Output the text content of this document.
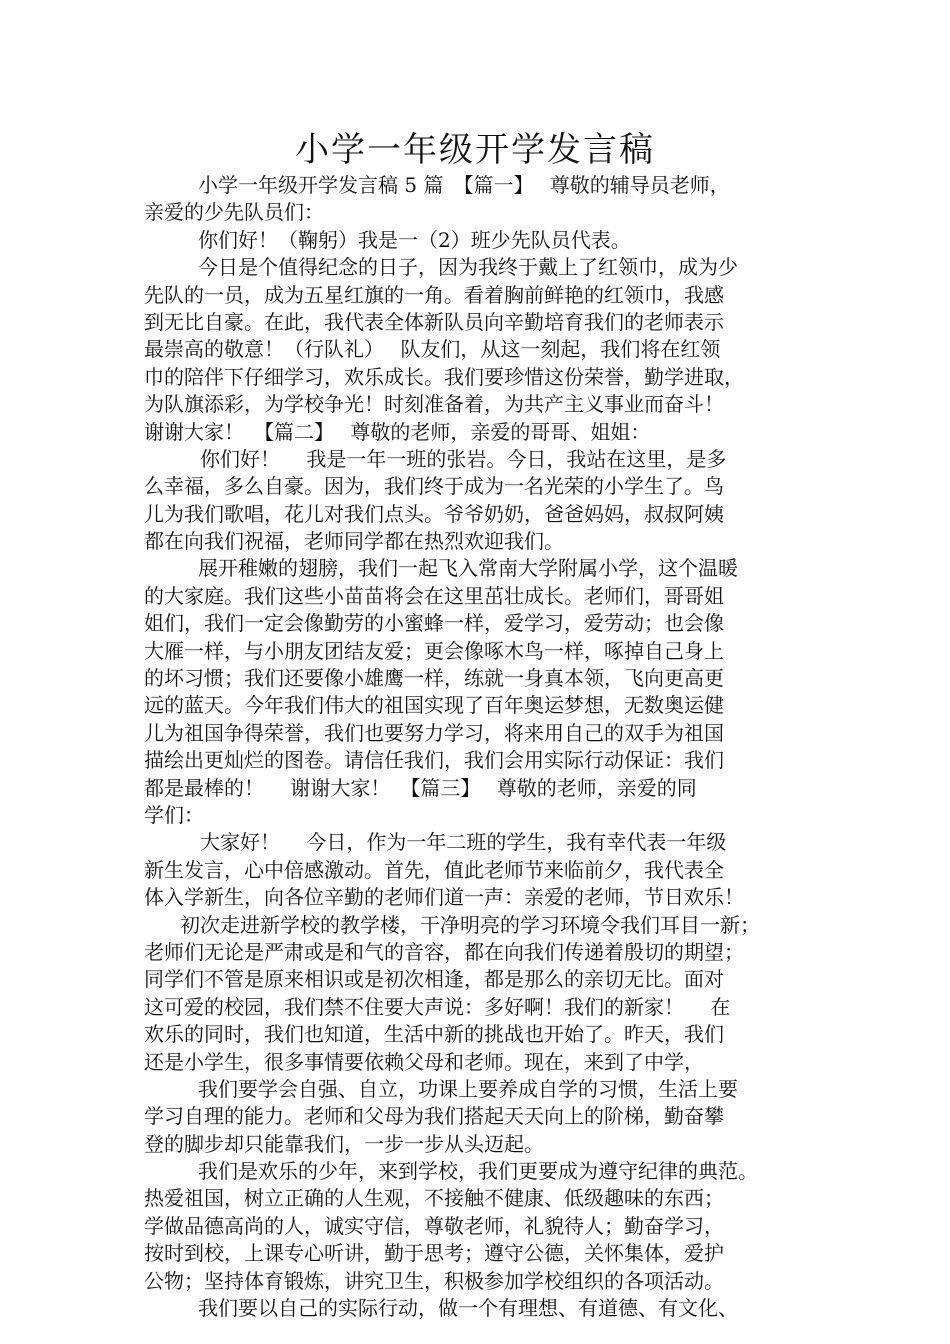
小学一年级开学发言稿
小学一年级开学发言稿 5 篇　【篇一】　 尊敬的辅导员老师，
亲爱的少先队员们：
你们好！（鞠躬）我是一（2）班少先队员代表。
今日是个值得纪念的日子，因为我终于戴上了红领巾，成为少
先队的一员，成为五星红旗的一角。看着胸前鲜艳的红领巾，我感
到无比自豪。在此，我代表全体新队员向辛勤培育我们的老师表示
最崇高的敬意！（行队礼）　 队友们，从这一刻起，我们将在红领
巾的陪伴下仔细学习，欢乐成长。我们要珍惜这份荣誉，勤学进取，
为队旗添彩，为学校争光！时刻准备着，为共产主义事业而奋斗！
谢谢大家！　【篇二】　 尊敬的老师，亲爱的哥哥、姐姐：
你们好！　 我是一年一班的张岩。今日，我站在这里，是多
么幸福，多么自豪。因为，我们终于成为一名光荣的小学生了。鸟
儿为我们歌唱，花儿对我们点头。爷爷奶奶，爸爸妈妈，叔叔阿姨
都在向我们祝福，老师同学都在热烈欢迎我们。
展开稚嫩的翅膀，我们一起飞入常南大学附属小学，这个温暖
的大家庭。我们这些小苗苗将会在这里茁壮成长。老师们，哥哥姐
姐们，我们一定会像勤劳的小蜜蜂一样，爱学习，爱劳动；也会像
大雁一样，与小朋友团结友爱；更会像啄木鸟一样，啄掉自己身上
的坏习惯；我们还要像小雄鹰一样，练就一身真本领，飞向更高更
远的蓝天。今年我们伟大的祖国实现了百年奥运梦想，无数奥运健
儿为祖国争得荣誉，我们也要努力学习，将来用自己的双手为祖国
描绘出更灿烂的图卷。请信任我们，我们会用实际行动保证：我们
都是最棒的！　 谢谢大家！　【篇三】　 尊敬的老师，亲爱的同
学们：
大家好！　 今日，作为一年二班的学生，我有幸代表一年级
新生发言，心中倍感激动。首先，值此老师节来临前夕，我代表全
体入学新生，向各位辛勤的老师们道一声：亲爱的老师，节日欢乐！
初次走进新学校的教学楼，干净明亮的学习环境令我们耳目一新；
老师们无论是严肃或是和气的音容，都在向我们传递着殷切的期望；
同学们不管是原来相识或是初次相逢，都是那么的亲切无比。面对
这可爱的校园，我们禁不住要大声说：多好啊！我们的新家！　 在
欢乐的同时，我们也知道，生活中新的挑战也开始了。昨天，我们
还是小学生，很多事情要依赖父母和老师。现在，来到了中学，
我们要学会自强、自立，功课上要养成自学的习惯，生活上要
学习自理的能力。老师和父母为我们搭起天天向上的阶梯，勤奋攀
登的脚步却只能靠我们，一步一步从头迈起。
我们是欢乐的少年，来到学校，我们更要成为遵守纪律的典范。
热爱祖国，树立正确的人生观，不接触不健康、低级趣味的东西；
学做品德高尚的人，诚实守信，尊敬老师，礼貌待人；勤奋学习，
按时到校，上课专心听讲，勤于思考；遵守公德，关怀集体，爱护
公物；坚持体育锻炼，讲究卫生，积极参加学校组织的各项活动。
我们要以自己的实际行动，做一个有理想、有道德、有文化、
